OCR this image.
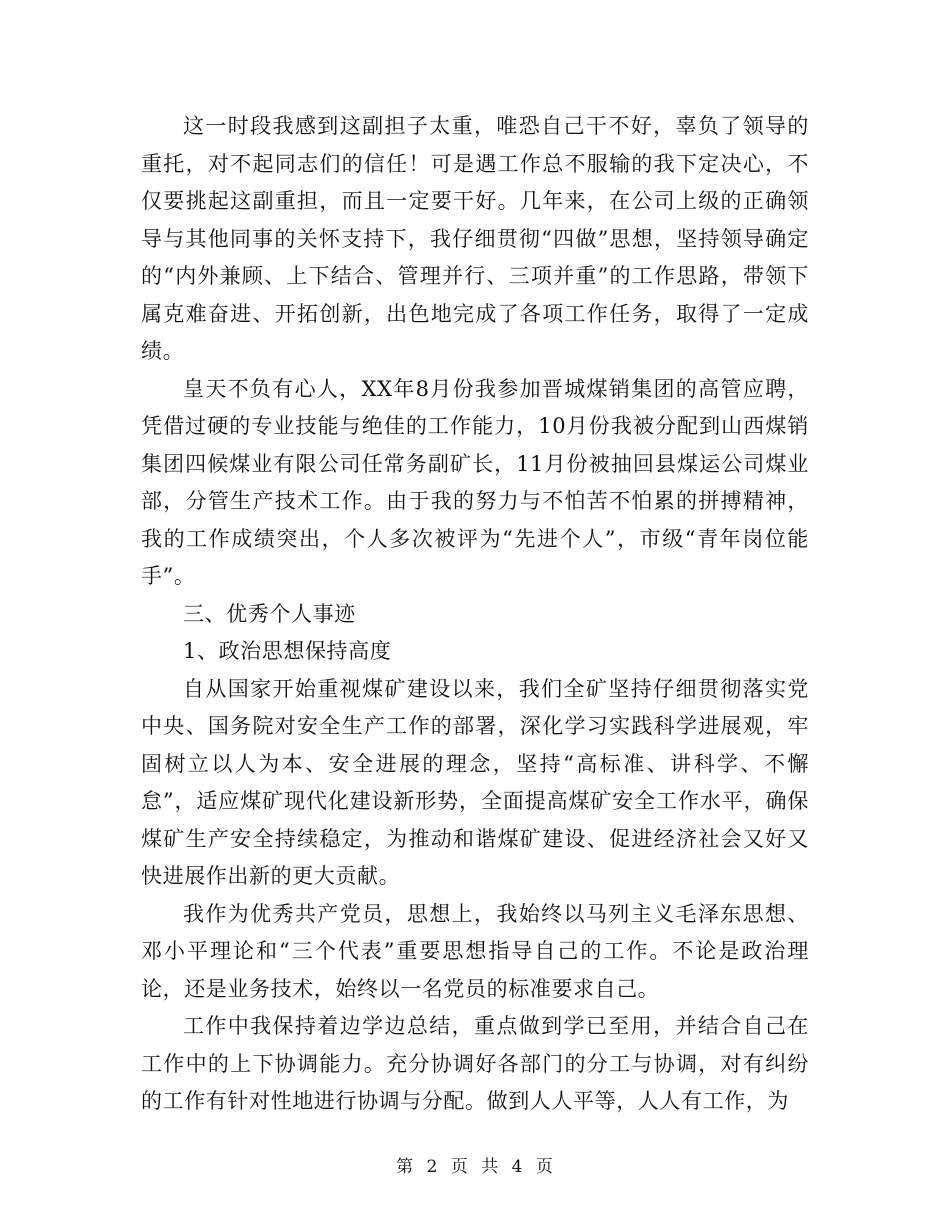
这一时段我感到这副担子太重，唯恐自己干不好，辜负了领导的重托，对不起同志们的信任！可是遇工作总不服输的我下定决心，不仅要挑起这副重担，而且一定要干好。几年来，在公司上级的正确领导与其他同事的关怀支持下，我仔细贯彻“四做”思想，坚持领导确定的“内外兼顾、上下结合、管理并行、三项并重”的工作思路，带领下属克难奋进、开拓创新，出色地完成了各项工作任务，取得了一定成绩。

皇天不负有心人，XX年8月份我参加晋城煤销集团的高管应聘，凭借过硬的专业技能与绝佳的工作能力，10月份我被分配到山西煤销集团四候煤业有限公司任常务副矿长，11月份被抽回县煤运公司煤业部，分管生产技术工作。由于我的努力与不怕苦不怕累的拼搏精神，我的工作成绩突出，个人多次被评为“先进个人”，市级“青年岗位能手”。

三、优秀个人事迹

1、政治思想保持高度

自从国家开始重视煤矿建设以来，我们全矿坚持仔细贯彻落实党中央、国务院对安全生产工作的部署，深化学习实践科学进展观，牢固树立以人为本、安全进展的理念，坚持“高标准、讲科学、不懈怠”，适应煤矿现代化建设新形势，全面提高煤矿安全工作水平，确保煤矿生产安全持续稳定，为推动和谐煤矿建设、促进经济社会又好又快进展作出新的更大贡献。

我作为优秀共产党员，思想上，我始终以马列主义毛泽东思想、邓小平理论和“三个代表”重要思想指导自己的工作。不论是政治理论，还是业务技术，始终以一名党员的标准要求自己。

工作中我保持着边学边总结，重点做到学已至用，并结合自己在工作中的上下协调能力。充分协调好各部门的分工与协调，对有纠纷的工作有针对性地进行协调与分配。做到人人平等，人人有工作，为

第 2 页 共 4 页
